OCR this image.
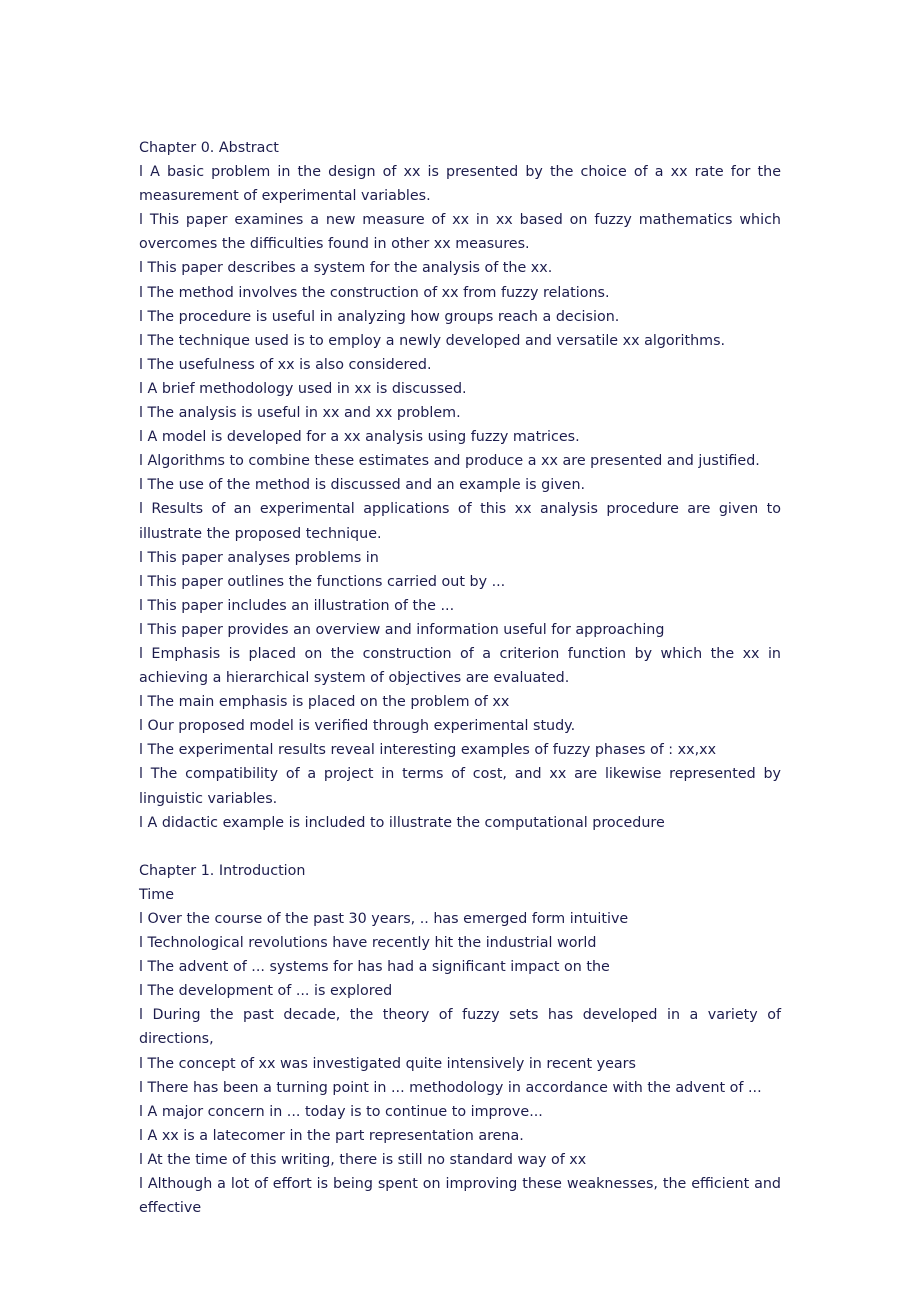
Chapter 0. Abstract

l A basic problem in the design of xx is presented by the choice of a xx rate for the measurement of experimental variables.

l This paper examines a new measure of xx in xx based on fuzzy mathematics which overcomes the difficulties found in other xx measures.

l This paper describes a system for the analysis of the xx.

l The method involves the construction of xx from fuzzy relations.

l The procedure is useful in analyzing how groups reach a decision.

l The technique used is to employ a newly developed and versatile xx algorithms.

l The usefulness of xx is also considered.

l A brief methodology used in xx is discussed.

l The analysis is useful in xx and xx problem.

l A model is developed for a xx analysis using fuzzy matrices.

l Algorithms to combine these estimates and produce a xx are presented and justified.

l The use of the method is discussed and an example is given.

l Results of an experimental applications of this xx analysis procedure are given to illustrate the proposed technique.

l This paper analyses problems in

l This paper outlines the functions carried out by ...

l This paper includes an illustration of the ...

l This paper provides an overview and information useful for approaching

l Emphasis is placed on the construction of a criterion function by which the xx in achieving a hierarchical system of objectives are evaluated.

l The main emphasis is placed on the problem of xx

l Our proposed model is verified through experimental study.

l The experimental results reveal interesting examples of fuzzy phases of : xx,xx

l The compatibility of a project in terms of cost, and xx are likewise represented by linguistic variables.

l A didactic example is included to illustrate the computational procedure

Chapter 1. Introduction

Time

l Over the course of the past 30 years, .. has emerged form intuitive

l Technological revolutions have recently hit the industrial world

l The advent of ... systems for has had a significant impact on the

l The development of ... is explored

l During the past decade, the theory of fuzzy sets has developed in a variety of directions,

l The concept of xx was investigated quite intensively in recent years

l There has been a turning point in ... methodology in accordance with the advent of ...

l A major concern in ... today is to continue to improve...

l A xx is a latecomer in the part representation arena.

l At the time of this writing, there is still no standard way of xx

l Although a lot of effort is being spent on improving these weaknesses, the efficient and effective
